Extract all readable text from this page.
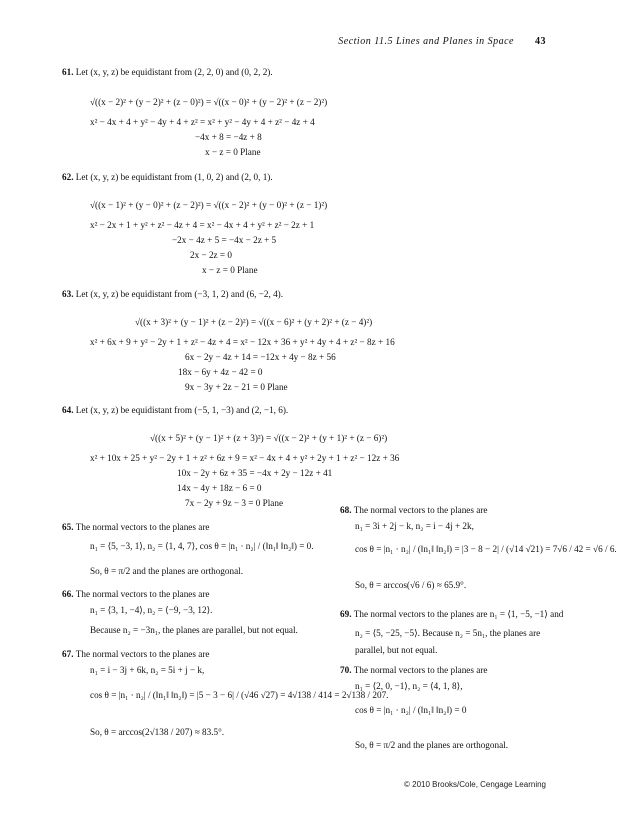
Section 11.5 Lines and Planes in Space 43
61. Let (x, y, z) be equidistant from (2, 2, 0) and (0, 2, 2).
√((x − 2)² + (y − 2)² + (z − 0)²) = √((x − 0)² + (y − 2)² + (z − 2)²)
x² − 4x + 4 + y² − 4y + 4 + z² = x² + y² − 4y + 4 + z² − 4z + 4
−4x + 8 = −4z + 8
x − z = 0 Plane
62. Let (x, y, z) be equidistant from (1, 0, 2) and (2, 0, 1).
√((x − 1)² + (y − 0)² + (z − 2)²) = √((x − 2)² + (y − 0)² + (z − 1)²)
x² − 2x + 1 + y² + z² − 4z + 4 = x² − 4x + 4 + y² + z² − 2z + 1
−2x − 4z + 5 = −4x − 2z + 5
2x − 2z = 0
x − z = 0 Plane
63. Let (x, y, z) be equidistant from (−3, 1, 2) and (6, −2, 4).
√((x + 3)² + (y − 1)² + (z − 2)²) = √((x − 6)² + (y + 2)² + (z − 4)²)
x² + 6x + 9 + y² − 2y + 1 + z² − 4z + 4 = x² − 12x + 36 + y² + 4y + 4 + z² − 8z + 16
6x − 2y − 4z + 14 = −12x + 4y − 8z + 56
18x − 6y + 4z − 42 = 0
9x − 3y + 2z − 21 = 0 Plane
64. Let (x, y, z) be equidistant from (−5, 1, −3) and (2, −1, 6).
√((x + 5)² + (y − 1)² + (z + 3)²) = √((x − 2)² + (y + 1)² + (z − 6)²)
x² + 10x + 25 + y² − 2y + 1 + z² + 6z + 9 = x² − 4x + 4 + y² + 2y + 1 + z² − 12z + 36
10x − 2y + 6z + 35 = −4x + 2y − 12z + 41
14x − 4y + 18z − 6 = 0
7x − 2y + 9z − 3 = 0 Plane
65. The normal vectors to the planes are
n₁ = ⟨5, −3, 1⟩, n₂ = ⟨1, 4, 7⟩, cos θ = |n₁ · n₂| / (‖n₁‖ ‖n₂‖) = 0.
So, θ = π/2 and the planes are orthogonal.
66. The normal vectors to the planes are
n₁ = ⟨3, 1, −4⟩, n₂ = ⟨−9, −3, 12⟩.
Because n₂ = −3n₁, the planes are parallel, but not equal.
67. The normal vectors to the planes are
n₁ = i − 3j + 6k, n₂ = 5i + j − k,
cos θ = |n₁ · n₂| / (‖n₁‖ ‖n₂‖) = |5 − 3 − 6| / (√46 √27) = 4√138 / 414 = 2√138 / 207.
So, θ = arccos(2√138 / 207) ≈ 83.5°.
68. The normal vectors to the planes are
n₁ = 3i + 2j − k, n₂ = i − 4j + 2k,
cos θ = |n₁ · n₂| / (‖n₁‖ ‖n₂‖) = |3 − 8 − 2| / (√14 √21) = 7√6 / 42 = √6 / 6.
So, θ = arccos(√6 / 6) ≈ 65.9°.
69. The normal vectors to the planes are n₁ = ⟨1, −5, −1⟩ and
n₂ = ⟨5, −25, −5⟩. Because n₂ = 5n₁, the planes are
parallel, but not equal.
70. The normal vectors to the planes are
n₁ = ⟨2, 0, −1⟩, n₂ = ⟨4, 1, 8⟩,
cos θ = |n₁ · n₂| / (‖n₁‖ ‖n₂‖) = 0
So, θ = π/2 and the planes are orthogonal.
© 2010 Brooks/Cole, Cengage Learning
